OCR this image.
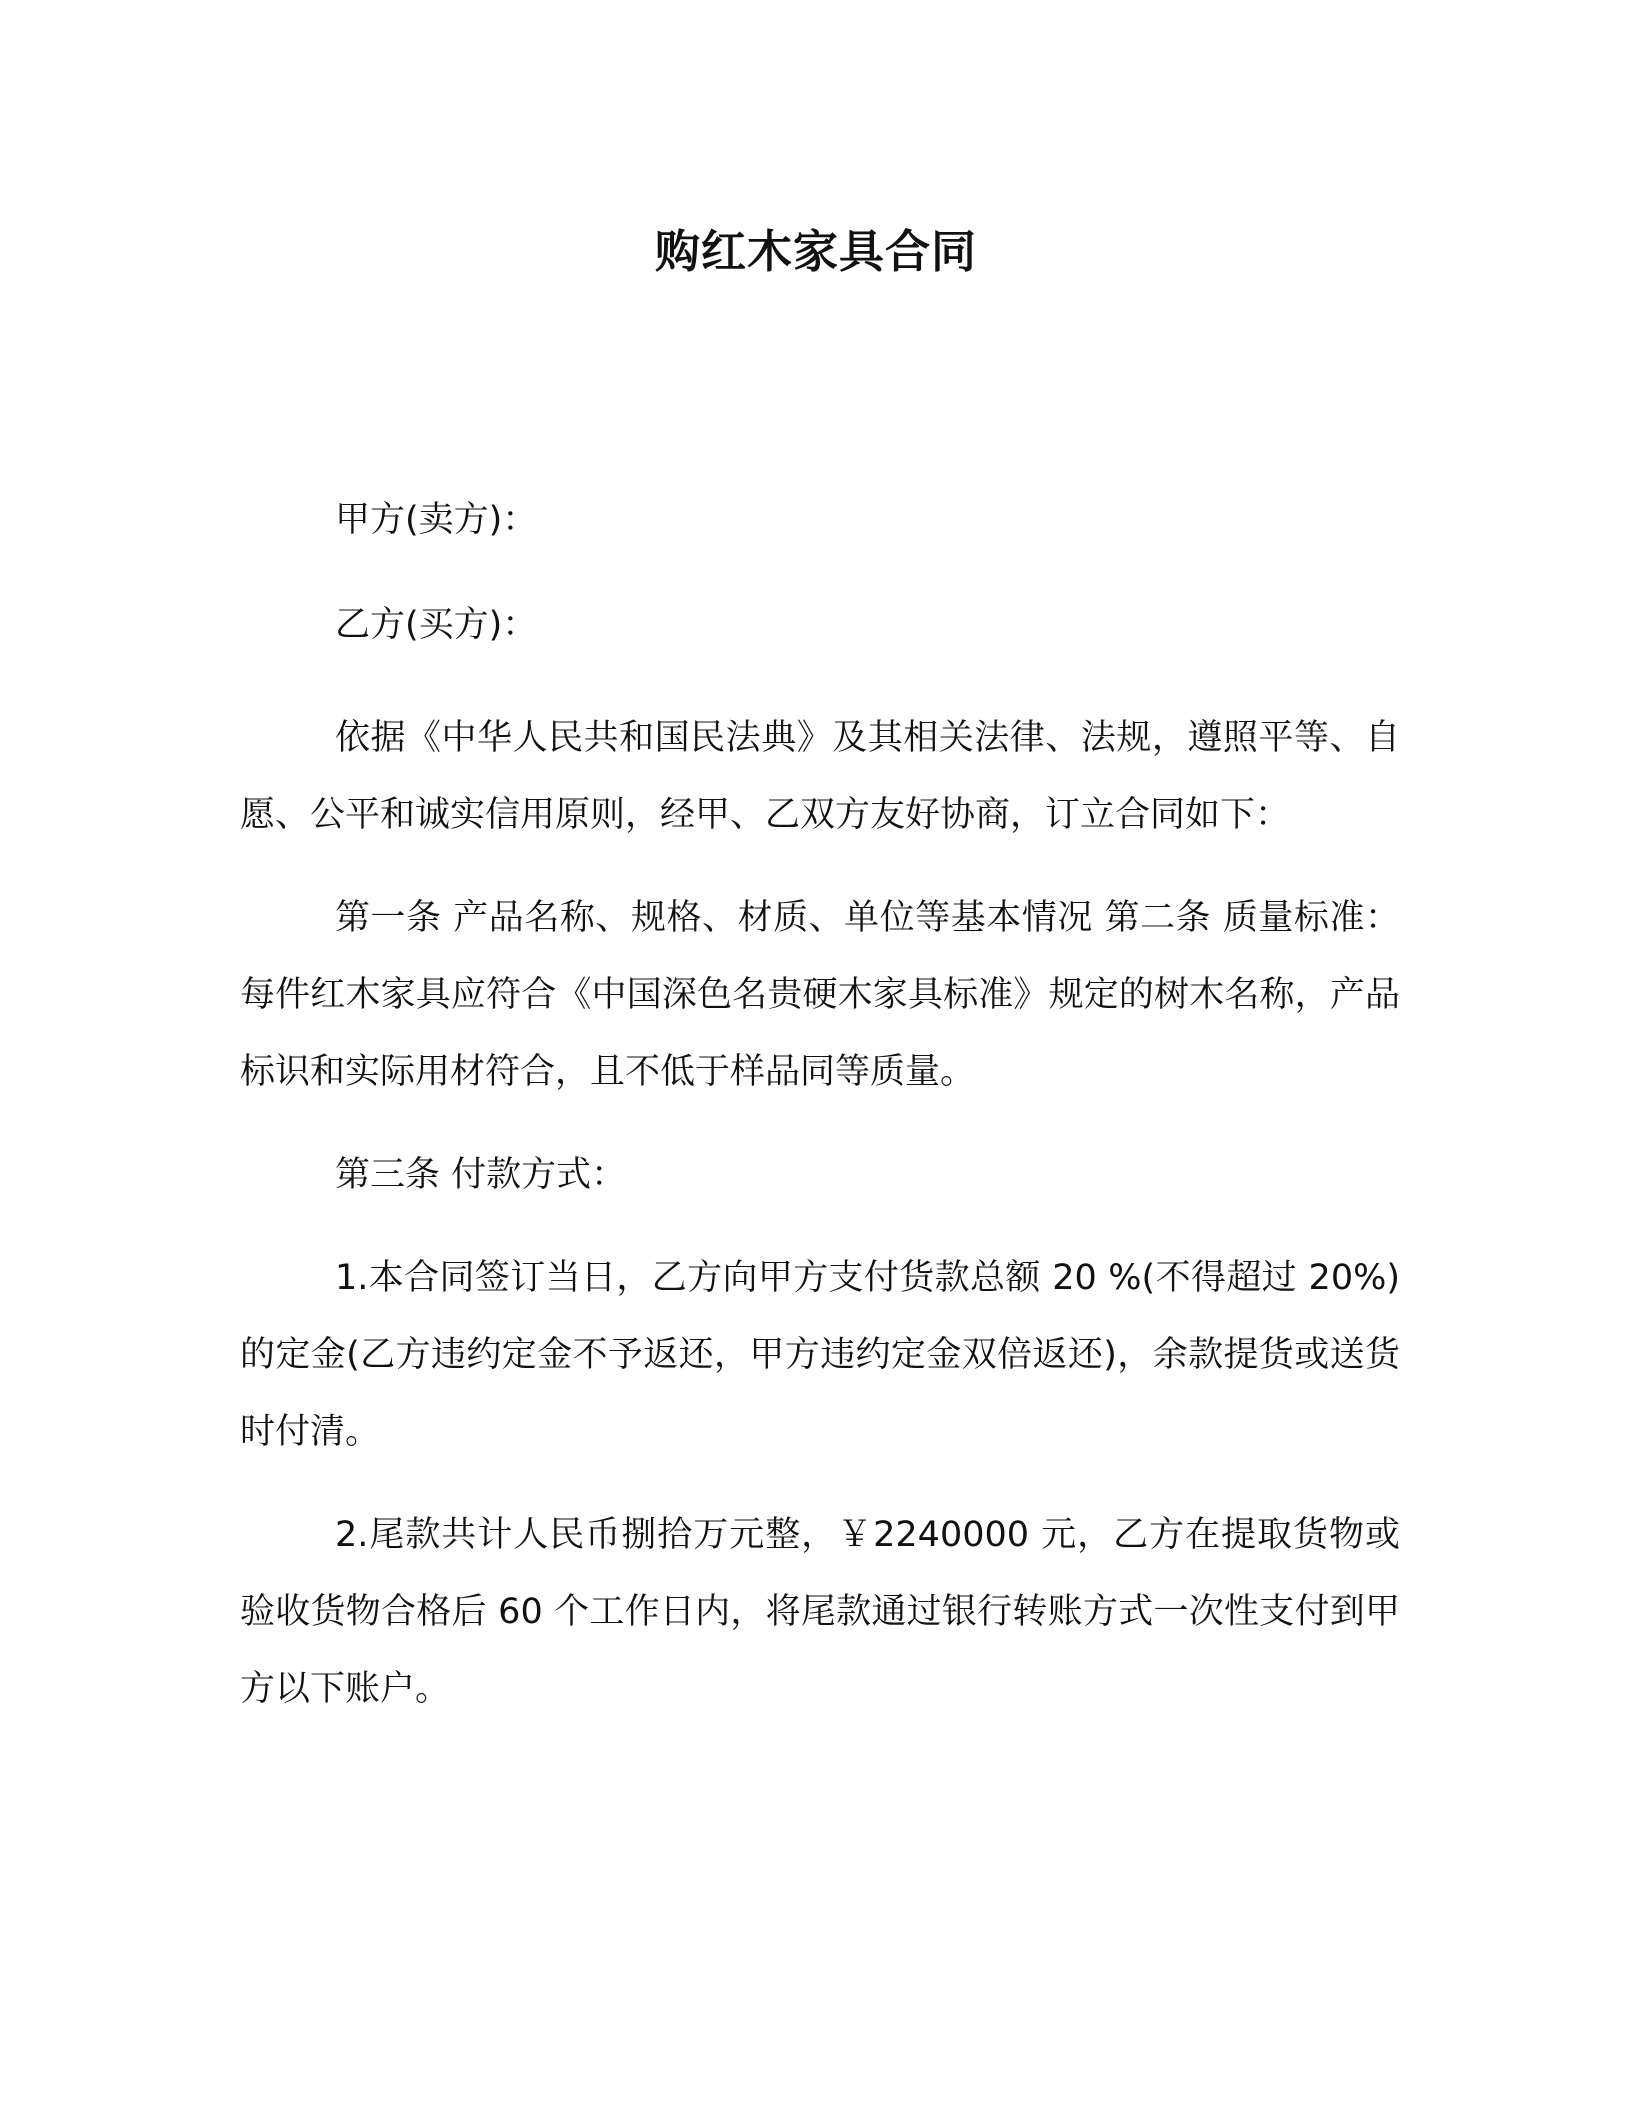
购红木家具合同

甲方(卖方)：

乙方(买方)：

依据《中华人民共和国民法典》及其相关法律、法规，遵照平等、自愿、公平和诚实信用原则，经甲、乙双方友好协商，订立合同如下：

第一条 产品名称、规格、材质、单位等基本情况 第二条 质量标准：每件红木家具应符合《中国深色名贵硬木家具标准》规定的树木名称，产品标识和实际用材符合，且不低于样品同等质量。

第三条 付款方式：

1.本合同签订当日，乙方向甲方支付货款总额 20 %(不得超过 20%)的定金(乙方违约定金不予返还，甲方违约定金双倍返还)，余款提货或送货时付清。

2.尾款共计人民币捌拾万元整，￥2240000 元，乙方在提取货物或验收货物合格后 60 个工作日内，将尾款通过银行转账方式一次性支付到甲方以下账户。
